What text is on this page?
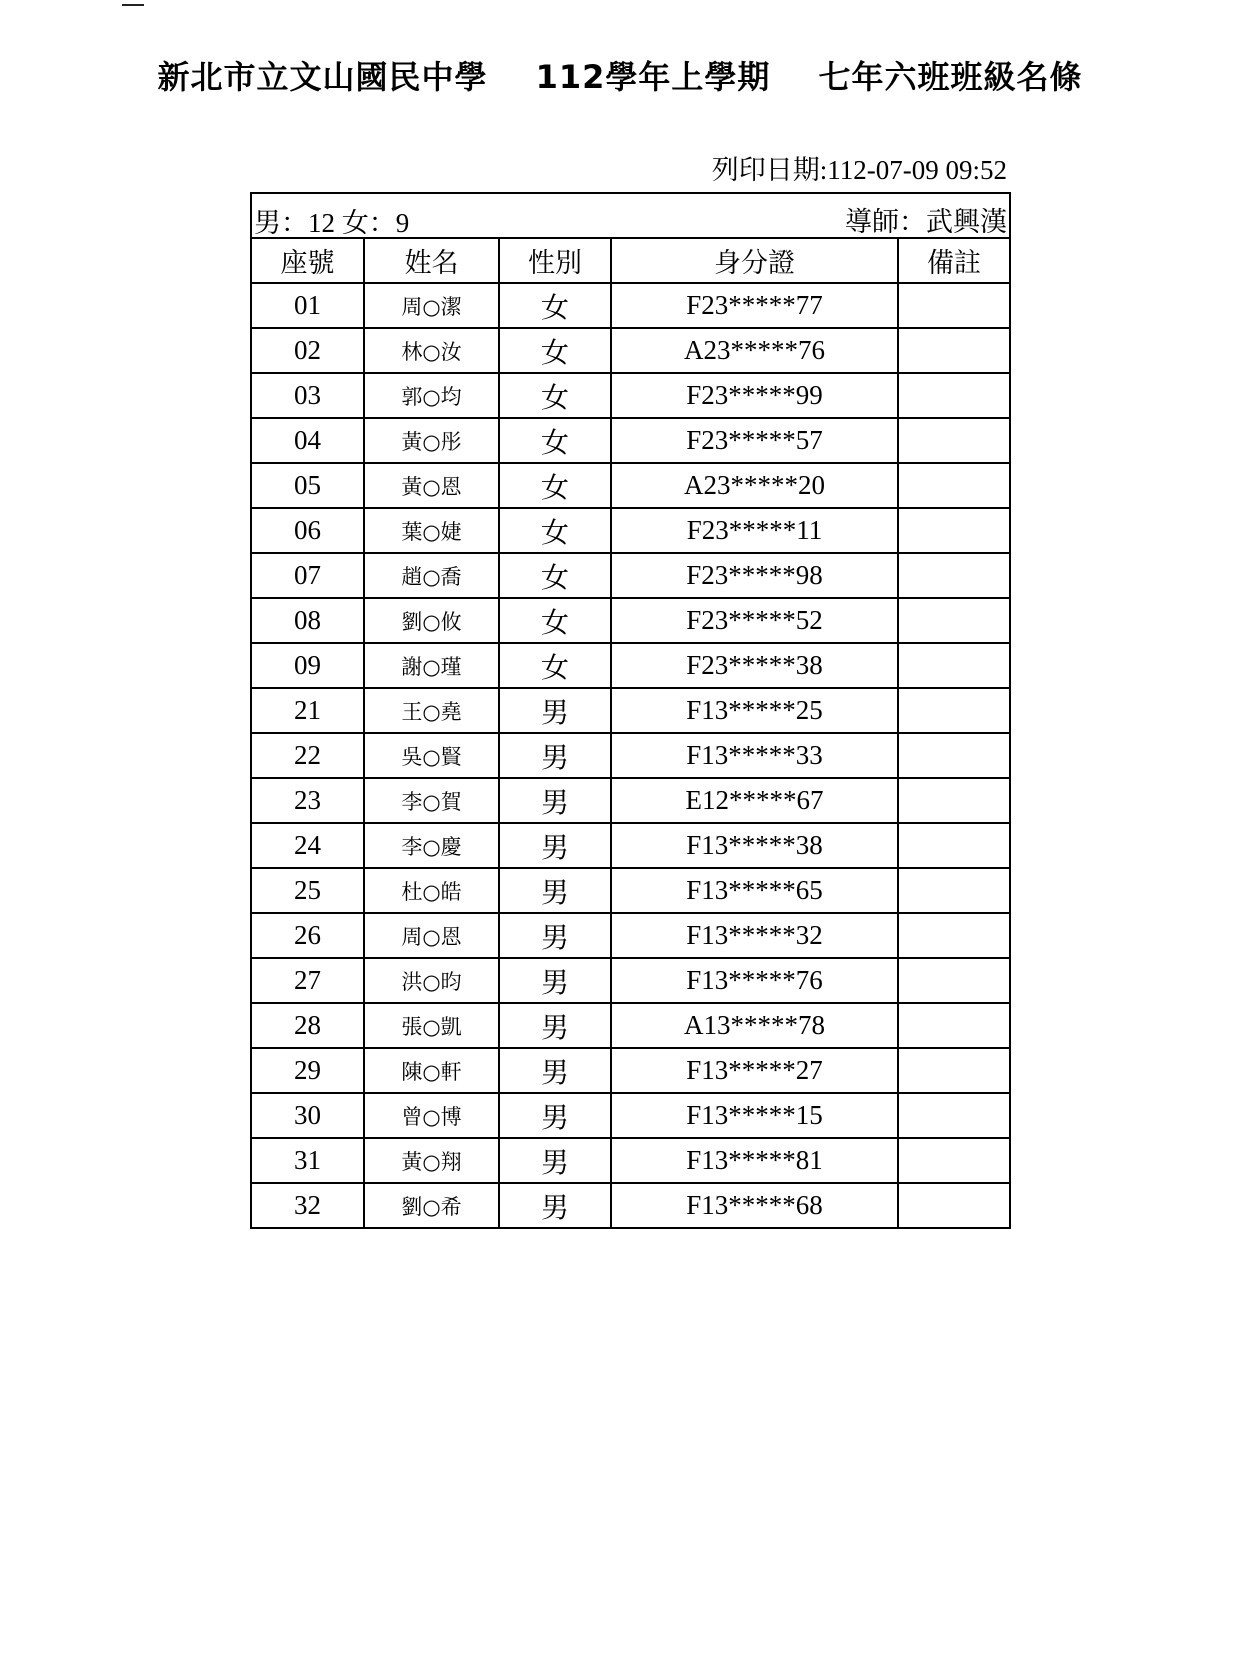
新北市立文山國民中學 112學年上學期 七年六班班級名條
列印日期:112-07-09 09:52
男：12 女：9 導師：武興漢				

座號	姓名	性別	身分證	備註
01	周○潔	女	F23*****77	
02	林○汝	女	A23*****76	
03	郭○均	女	F23*****99	
04	黃○彤	女	F23*****57	
05	黃○恩	女	A23*****20	
06	葉○婕	女	F23*****11	
07	趙○喬	女	F23*****98	
08	劉○攸	女	F23*****52	
09	謝○瑾	女	F23*****38	
21	王○堯	男	F13*****25	
22	吳○賢	男	F13*****33	
23	李○賀	男	E12*****67	
24	李○慶	男	F13*****38	
25	杜○皓	男	F13*****65	
26	周○恩	男	F13*****32	
27	洪○昀	男	F13*****76	
28	張○凱	男	A13*****78	
29	陳○軒	男	F13*****27	
30	曾○博	男	F13*****15	
31	黃○翔	男	F13*****81	
32	劉○希	男	F13*****68	
